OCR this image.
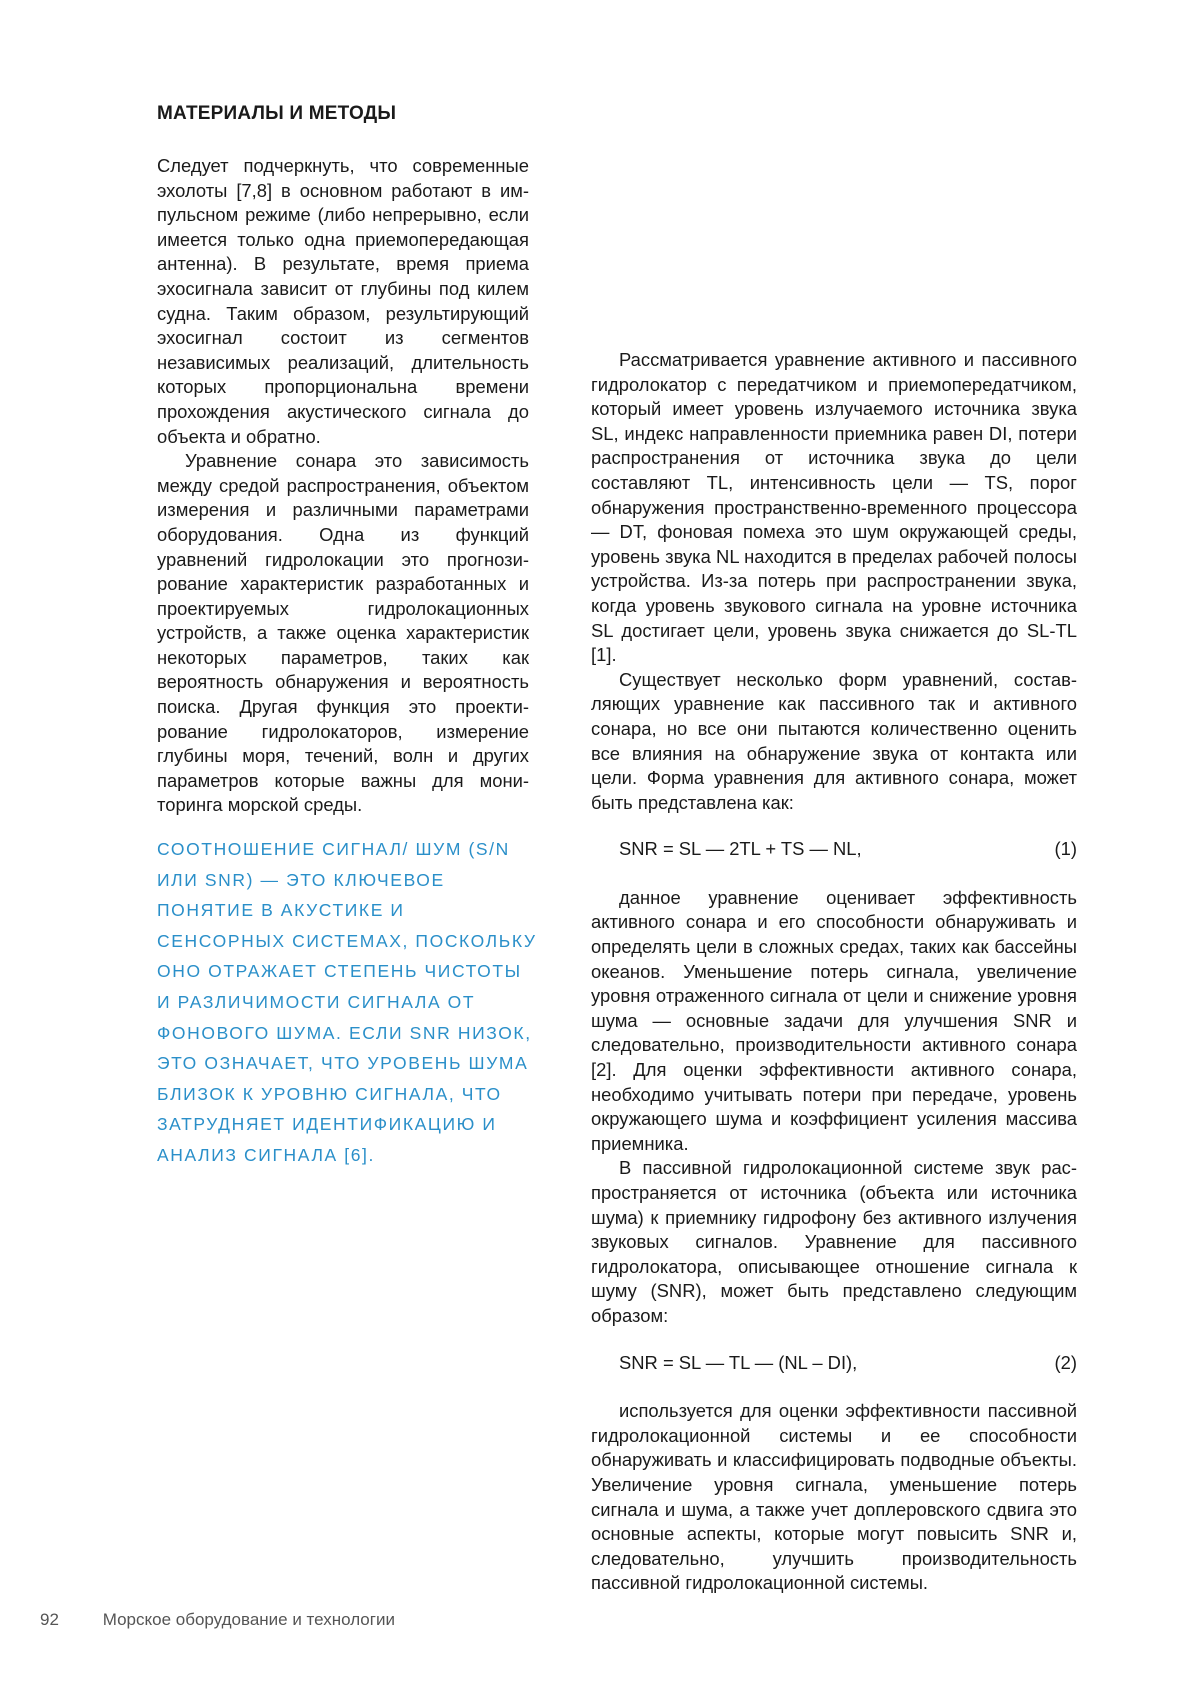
МАТЕРИАЛЫ И МЕТОДЫ

Следует подчеркнуть, что современные эхолоты [7,8] в основном работают в импульсном режиме (либо непрерывно, если имеется только одна приемопередающая антенна). В результате, время приема эхосигнала зависит от глубины под килем судна. Таким образом, результирующий эхосигнал состоит из сегментов независимых реализаций, длительность которых пропорциональна времени прохождения акустического сигнала до объекта и обратно.

Уравнение сонара это зависимость между средой распространения, объектом измерения и различными параметрами оборудования. Одна из функций уравнений гидролокации это прогнозирование характеристик разработанных и проектируемых гидролокационных устройств, а также оценка характеристик некоторых параметров, таких как вероятность обнаружения и вероятность поиска. Другая функция это проектирование гидролокаторов, измерение глубины моря, течений, волн и других параметров которые важны для мониторинга морской среды.

СООТНОШЕНИЕ СИГНАЛ/ ШУМ (S/N ИЛИ SNR) — ЭТО КЛЮЧЕВОЕ ПОНЯТИЕ В АКУСТИКЕ И СЕНСОРНЫХ СИСТЕМАХ, ПОСКОЛЬКУ ОНО ОТРАЖАЕТ СТЕПЕНЬ ЧИСТОТЫ И РАЗЛИЧИМОСТИ СИГНАЛА ОТ ФОНОВОГО ШУМА. ЕСЛИ SNR НИЗОК, ЭТО ОЗНАЧАЕТ, ЧТО УРОВЕНЬ ШУМА БЛИЗОК К УРОВНЮ СИГНАЛА, ЧТО ЗАТРУДНЯЕТ ИДЕНТИФИКАЦИЮ И АНАЛИЗ СИГНАЛА [6].

Рассматривается уравнение активного и пассивного гидролокатор с передатчиком и приемопередатчиком, который имеет уровень излучаемого источника звука SL, индекс направленности приемника равен DI, потери распространения от источника звука до цели составляют TL, интенсивность цели — TS, порог обнаружения пространственно-временного процессора — DT, фоновая помеха это шум окружающей среды, уровень звука NL находится в пределах рабочей полосы устройства. Из-за потерь при распространении звука, когда уровень звукового сигнала на уровне источника SL достигает цели, уровень звука снижается до SL-TL [1].

Существует несколько форм уравнений, составляющих уравнение как пассивного так и активного сонара, но все они пытаются количественно оценить все влияния на обнаружение звука от контакта или цели. Форма уравнения для активного сонара, может быть представлена как:

SNR = SL — 2TL + TS — NL,	(1)

данное уравнение оценивает эффективность активного сонара и его способности обнаруживать и определять цели в сложных средах, таких как бассейны океанов. Уменьшение потерь сигнала, увеличение уровня отраженного сигнала от цели и снижение уровня шума — основные задачи для улучшения SNR и следовательно, производительности активного сонара [2]. Для оценки эффективности активного сонара, необходимо учитывать потери при передаче, уровень окружающего шума и коэффициент усиления массива приемника.

В пассивной гидролокационной системе звук распространяется от источника (объекта или источника шума) к приемнику гидрофону без активного излучения звуковых сигналов. Уравнение для пассивного гидролокатора, описывающее отношение сигнала к шуму (SNR), может быть представлено следующим образом:

SNR = SL — TL — (NL – DI),	(2)

используется для оценки эффективности пассивной гидролокационной системы и ее способности обнаруживать и классифицировать подводные объекты. Увеличение уровня сигнала, уменьшение потерь сигнала и шума, а также учет доплеровского сдвига это основные аспекты, которые могут повысить SNR и, следовательно, улучшить производительность пассивной гидролокационной системы.

92	Морское оборудование и технологии
